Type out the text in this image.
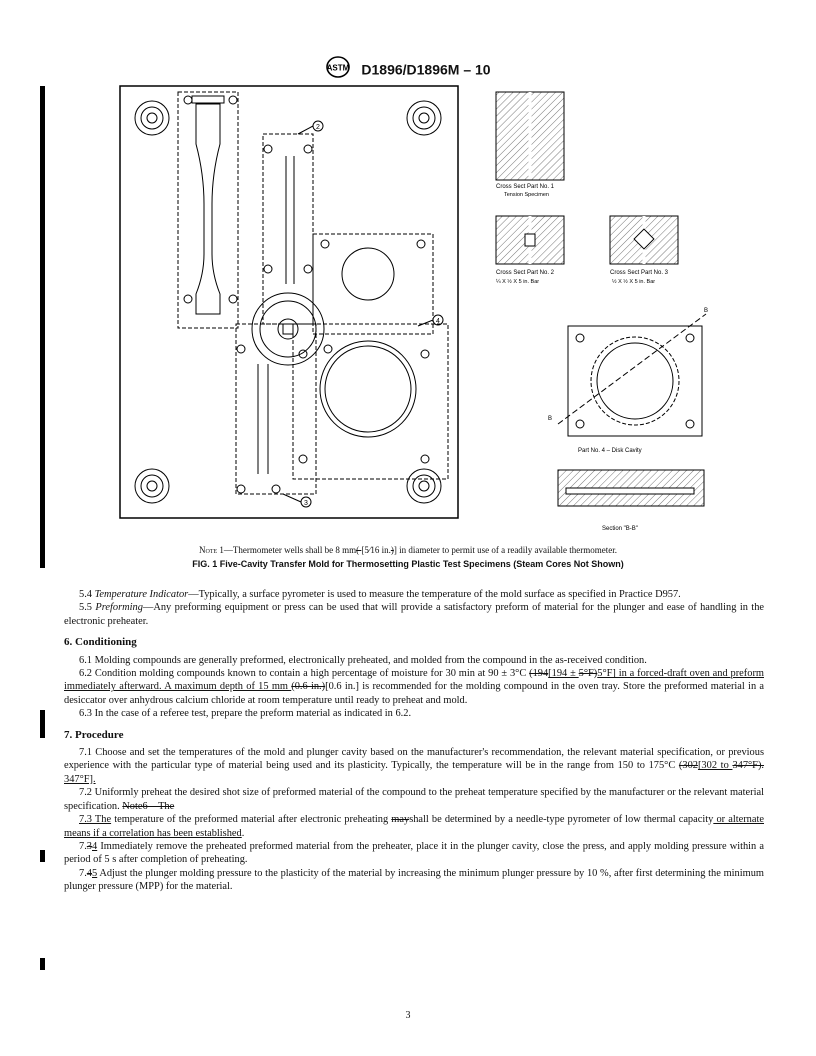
ASTM D1896/D1896M – 10
2
4
3
Cross Sect Part No. 1
Tension Specimen
Cross Sect Part No. 2
¼ X ½ X 5 in. Bar
Cross Sect Part No. 3
½ X ½ X 5 in. Bar
B
B
Part No. 4 – Disk Cavity
Section "B-B"
Note 1—Thermometer wells shall be 8 mm( [5⁄16 in.)] in diameter to permit use of a readily available thermometer.
FIG. 1 Five-Cavity Transfer Mold for Thermosetting Plastic Test Specimens (Steam Cores Not Shown)

5.4 Temperature Indicator—Typically, a surface pyrometer is used to measure the temperature of the mold surface as specified in Practice D957.

5.5 Preforming—Any preforming equipment or press can be used that will provide a satisfactory preform of material for the plunger and ease of handling in the electronic preheater.

6. Conditioning

6.1 Molding compounds are generally preformed, electronically preheated, and molded from the compound in the as-received condition.

6.2 Condition molding compounds known to contain a high percentage of moisture for 30 min at 90 ± 3°C (194[194 ± 5°F)5°F] in a forced-draft oven and preform immediately afterward. A maximum depth of 15 mm (0.6 in.)[0.6 in.] is recommended for the molding compound in the oven tray. Store the preformed material in a desiccator over anhydrous calcium chloride at room temperature until ready to preheat and mold.

6.3 In the case of a referee test, prepare the preform material as indicated in 6.2.

7. Procedure

7.1 Choose and set the temperatures of the mold and plunger cavity based on the manufacturer's recommendation, the relevant material specification, or previous experience with the particular type of material being used and its plasticity. Typically, the temperature will be in the range from 150 to 175°C (302[302 to 347°F). 347°F].

7.2 Uniformly preheat the desired shot size of preformed material of the compound to the preheat temperature specified by the manufacturer or the relevant material specification. Note6—The

7.3 The temperature of the preformed material after electronic preheating mayshall be determined by a needle-type pyrometer of low thermal capacity or alternate means if a correlation has been established.

7.34 Immediately remove the preheated preformed material from the preheater, place it in the plunger cavity, close the press, and apply molding pressure within a period of 5 s after completion of preheating.

7.45 Adjust the plunger molding pressure to the plasticity of the material by increasing the minimum plunger pressure by 10 %, after first determining the minimum plunger pressure (MPP) for the material.

3
